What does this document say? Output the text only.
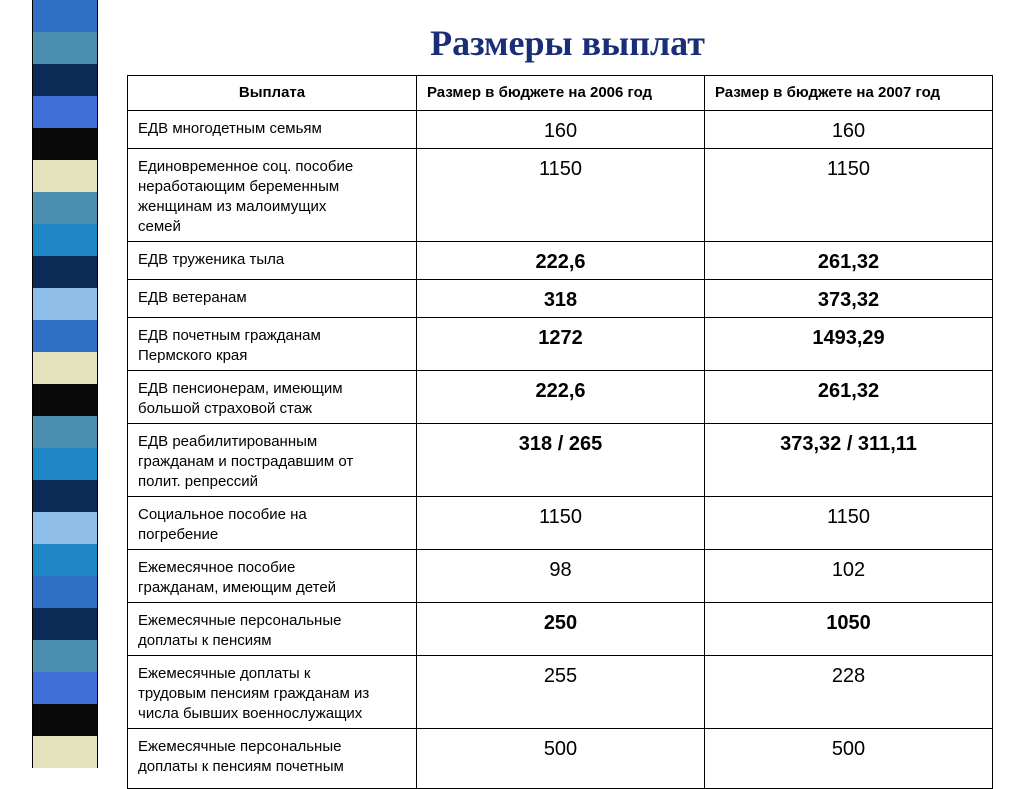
Размеры выплат
Выплата	Размер в бюджете на 2006 год	Размер в бюджете на 2007 год

ЕДВ многодетным семьям	160	160

Единовременное соц. пособие
неработающим беременным
женщинам из малоимущих
семей	1150	1150

ЕДВ труженика тыла	222,6	261,32

ЕДВ ветеранам	318	373,32

ЕДВ почетным гражданам
Пермского края	1272	1493,29

ЕДВ пенсионерам, имеющим
большой страховой стаж	222,6	261,32

ЕДВ реабилитированным
гражданам и пострадавшим от
полит. репрессий	318 / 265	373,32 / 311,11

Социальное пособие на
погребение	1150	1150

Ежемесячное пособие
гражданам, имеющим детей	98	102

Ежемесячные персональные
доплаты к пенсиям	250	1050

Ежемесячные доплаты к
трудовым пенсиям гражданам из
числа бывших военнослужащих	255	228

Ежемесячные персональные
доплаты к пенсиям почетным	500	500
